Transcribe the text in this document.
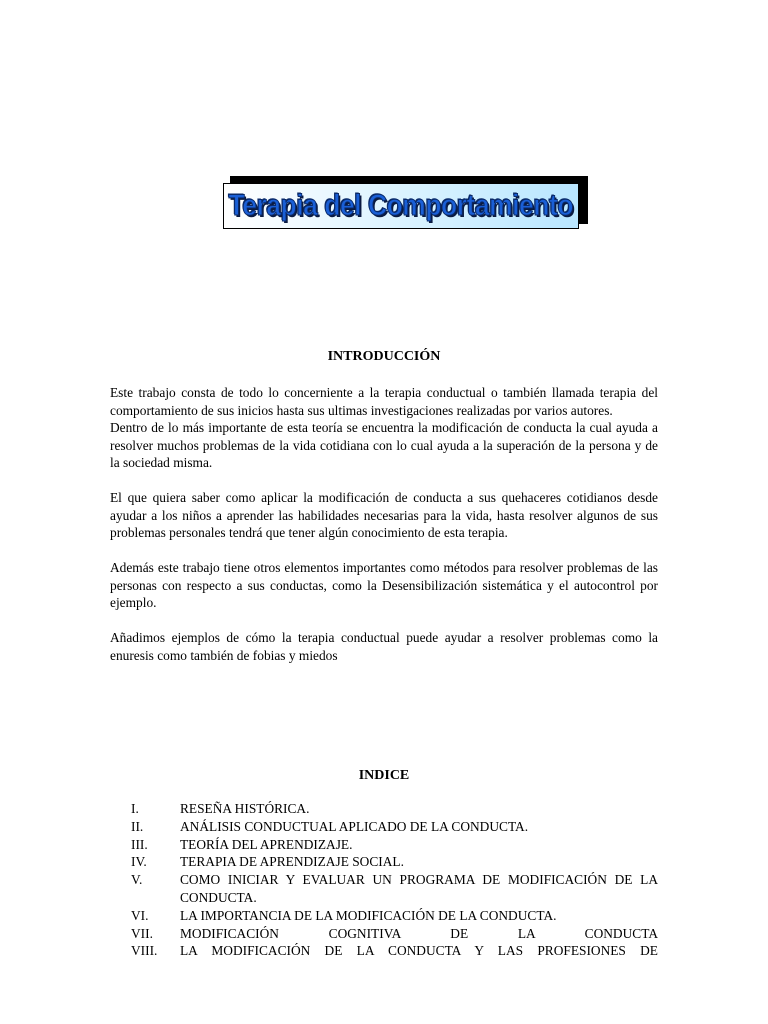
Terapia del Comportamiento
INTRODUCCIÓN

Este trabajo consta de todo lo concerniente a la terapia conductual o también llamada terapia del comportamiento de sus inicios hasta sus ultimas investigaciones realizadas por varios autores.

Dentro de lo más importante de esta teoría se encuentra la modificación de conducta la cual ayuda a resolver muchos problemas de la vida cotidiana con lo cual ayuda a la superación de la persona y de la sociedad misma.

El que quiera saber como aplicar la modificación de conducta a sus quehaceres cotidianos desde ayudar a los niños a aprender las habilidades necesarias para la vida, hasta resolver algunos de sus problemas personales tendrá que tener algún conocimiento de esta terapia.

Además este trabajo tiene otros elementos importantes como métodos para resolver problemas de las personas con respecto a sus conductas, como la Desensibilización sistemática y el autocontrol por ejemplo.

Añadimos ejemplos de cómo la terapia conductual puede ayudar a resolver problemas como la enuresis como también de fobias y miedos

INDICE
I.	RESEÑA HISTÓRICA.
II.	ANÁLISIS CONDUCTUAL APLICADO DE LA CONDUCTA.
III.	TEORÍA DEL APRENDIZAJE.
IV.	TERAPIA DE APRENDIZAJE SOCIAL.
V.	COMO INICIAR Y EVALUAR UN PROGRAMA DE MODIFICACIÓN DE LA CONDUCTA.
VI.	LA IMPORTANCIA DE LA MODIFICACIÓN DE LA CONDUCTA.
VII.	MODIFICACIÓN COGNITIVA DE LA CONDUCTA
VIII.	LA MODIFICACIÓN DE LA CONDUCTA Y LAS PROFESIONES DE
